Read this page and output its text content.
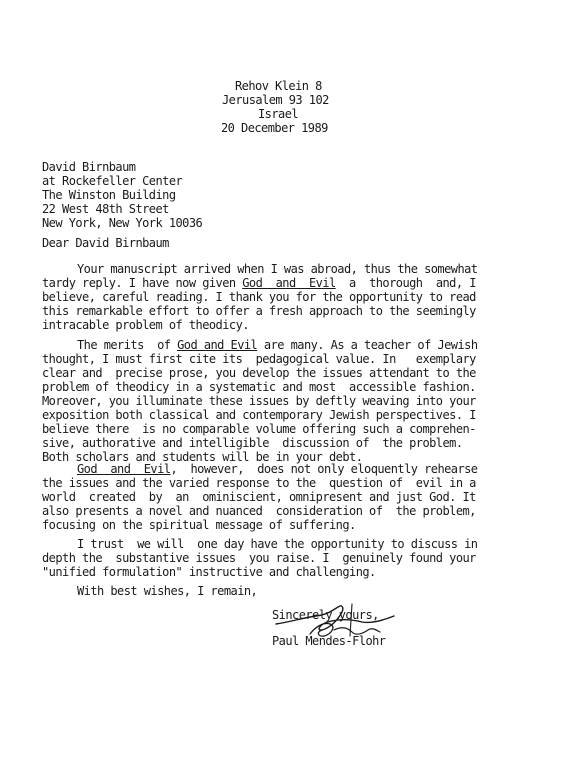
Rehov Klein 8

Jerusalem 93 102

Israel

20 December 1989

David Birnbaum

at Rockefeller Center

The Winston Building

22 West 48th Street

New York, New York 10036

Dear David Birnbaum

Your manuscript arrived when I was abroad, thus the somewhat

tardy reply. I have now given God  and  Evil  a  thorough  and, I

believe, careful reading. I thank you for the opportunity to read

this remarkable effort to offer a fresh approach to the seemingly

intracable problem of theodicy.

The merits  of God and Evil are many. As a teacher of Jewish

thought, I must first cite its  pedagogical value. In   exemplary

clear and  precise prose, you develop the issues attendant to the

problem of theodicy in a systematic and most  accessible fashion.

Moreover, you illuminate these issues by deftly weaving into your

exposition both classical and contemporary Jewish perspectives. I

believe there  is no comparable volume offering such a comprehen-

sive, authorative and intelligible  discussion of  the problem.

Both scholars and students will be in your debt.

God  and  Evil,  however,  does not only eloquently rehearse

the issues and the varied response to the  question of  evil in a

world  created  by  an  ominiscient, omnipresent and just God. It

also presents a novel and nuanced  consideration of  the problem,

focusing on the spiritual message of suffering.

I trust  we will  one day have the opportunity to discuss in

depth the  substantive issues  you raise. I  genuinely found your

"unified formulation" instructive and challenging.

With best wishes, I remain,

Sincerely yours,

Paul Mendes-Flohr
